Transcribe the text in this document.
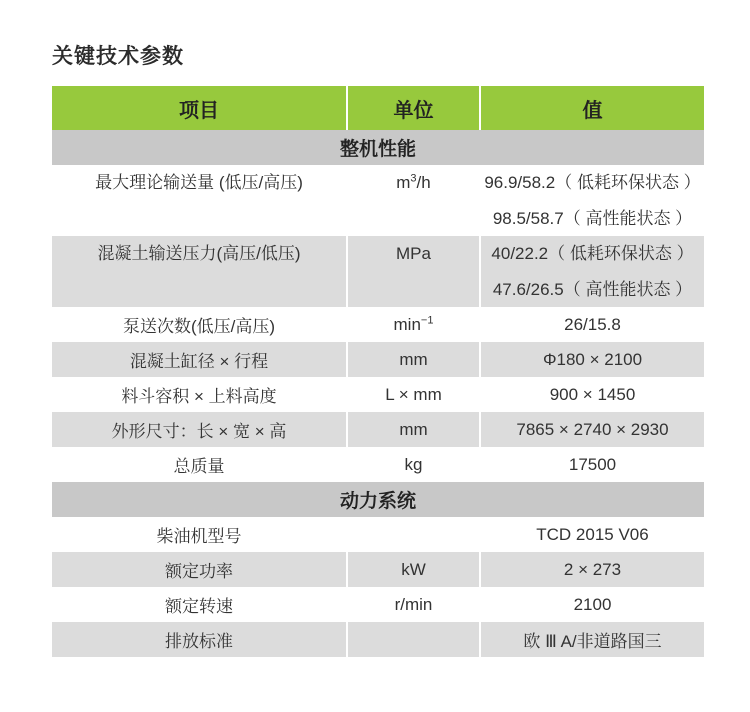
关键技术参数
项目	单位	值
整机性能		
最大理论输送量 (低压/高压)	$m^3/h$	96.9/58.2（ 低耗环保状态 ）
98.5/58.7（ 高性能状态 ）

混凝土输送压力(高压/低压)	MPa	40/22.2（ 低耗环保状态 ）
47.6/26.5（ 高性能状态 ）

泵送次数(低压/高压)	$\min^{-1}$	26/15.8
混凝土缸径 × 行程	mm	Φ180 × 2100
料斗容积 × 上料高度	L × mm	900 × 1450
外形尺寸：长 × 宽 × 高	mm	7865 × 2740 × 2930
总质量	kg	17500
动力系统		
柴油机型号		TCD 2015 V06
额定功率	kW	2 × 273
额定转速	r/min	2100
排放标准		欧 Ⅲ A/非道路国三
